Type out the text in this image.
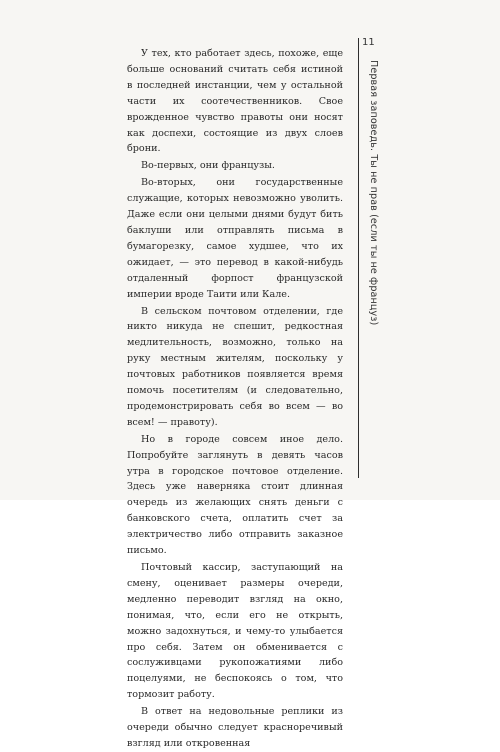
У тех, кто работает здесь, похоже, еще больше оснований считать себя истиной в последней инстанции, чем у остальной части их соотечественников. Свое врожденное чувство правоты они носят как доспехи, состоящие из двух слоев брони.

Во-первых, они французы.

Во-вторых, они государственные служащие, которых невозможно уволить. Даже если они целыми днями будут бить баклуши или отправлять письма в бумагорезку, самое худшее, что их ожидает, — это перевод в какой-нибудь отдаленный форпост французской империи вроде Таити или Кале.

В сельском почтовом отделении, где никто никуда не спешит, редкостная медлительность, возможно, только на руку местным жителям, поскольку у почтовых работников появляется время помочь посетителям (и следовательно, продемонстрировать себя во всем — во всем! — правоту).

Но в городе совсем иное дело. Попробуйте заглянуть в девять часов утра в городское почтовое отделение. Здесь уже наверняка стоит длинная очередь из желающих снять деньги с банковского счета, оплатить счет за электричество либо отправить заказное письмо.

Почтовый кассир, заступающий на смену, оценивает размеры очереди, медленно переводит взгляд на окно, понимая, что, если его не открыть, можно задохнуться, и чему-то улыбается про себя. Затем он обменивается с сослуживцами рукопожатиями либо поцелуями, не беспокоясь о том, что тормозит работу.

В ответ на недовольные реплики из очереди обычно следует красноречивый взгляд или откровенная

11
Первая заповедь. Ты не прав (если ты не француз)
